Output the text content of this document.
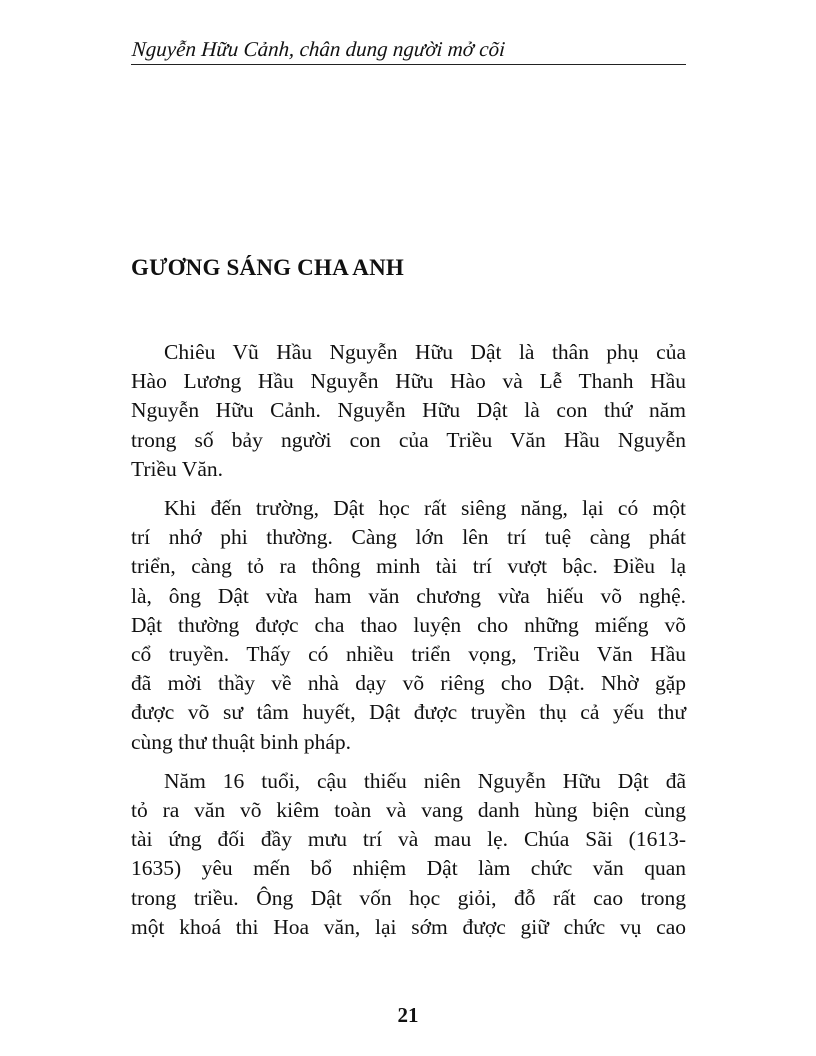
Nguyễn Hữu Cảnh, chân dung người mở cõi
GƯƠNG SÁNG CHA ANH

Chiêu Vũ Hầu Nguyễn Hữu Dật là thân phụ của
Hào Lương Hầu Nguyễn Hữu Hào và Lễ Thanh Hầu
Nguyễn Hữu Cảnh. Nguyễn Hữu Dật là con thứ năm
trong số bảy người con của Triều Văn Hầu Nguyễn
Triều Văn.

Khi đến trường, Dật học rất siêng năng, lại có một
trí nhớ phi thường. Càng lớn lên trí tuệ càng phát
triển, càng tỏ ra thông minh tài trí vượt bậc. Điều lạ
là, ông Dật vừa ham văn chương vừa hiếu võ nghệ.
Dật thường được cha thao luyện cho những miếng võ
cổ truyền. Thấy có nhiều triển vọng, Triều Văn Hầu
đã mời thầy về nhà dạy võ riêng cho Dật. Nhờ gặp
được võ sư tâm huyết, Dật được truyền thụ cả yếu thư
cùng thư thuật binh pháp.

Năm 16 tuổi, cậu thiếu niên Nguyễn Hữu Dật đã
tỏ ra văn võ kiêm toàn và vang danh hùng biện cùng
tài ứng đối đầy mưu trí và mau lẹ. Chúa Sãi (1613-
1635) yêu mến bổ nhiệm Dật làm chức văn quan
trong triều. Ông Dật vốn học giỏi, đỗ rất cao trong
một khoá thi Hoa văn, lại sớm được giữ chức vụ cao

21
